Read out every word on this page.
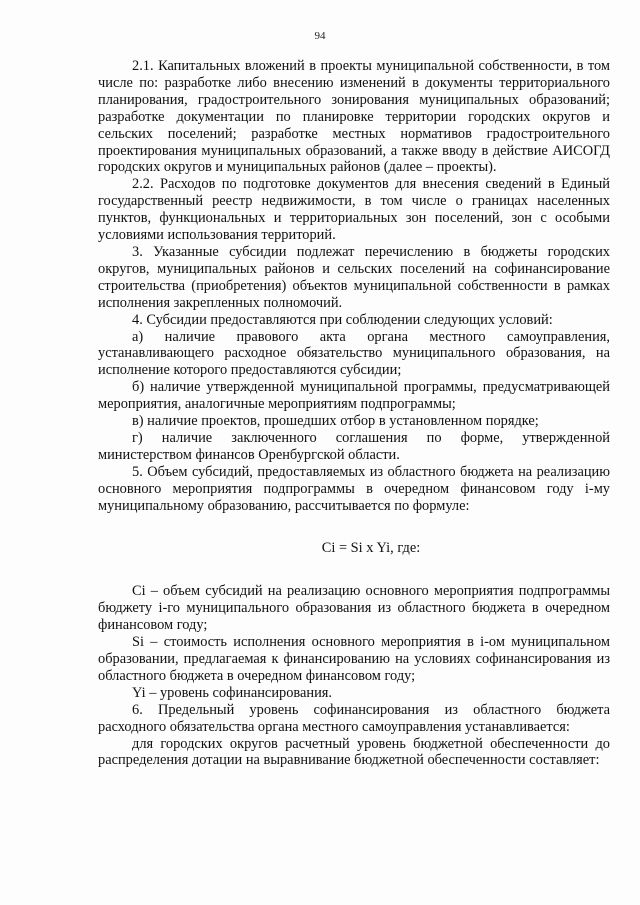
94

2.1. Капитальных вложений в проекты муниципальной собственности, в том числе по: разработке либо внесению изменений в документы территориального планирования, градостроительного зонирования муниципальных образований; разработке документации по планировке территории городских округов и сельских поселений; разработке местных нормативов градостроительного проектирования муниципальных образований, а также вводу в действие АИСОГД городских округов и муниципальных районов (далее – проекты).

2.2. Расходов по подготовке документов для внесения сведений в Единый государственный реестр недвижимости, в том числе о границах населенных пунктов, функциональных и территориальных зон поселений, зон с особыми условиями использования территорий.

3. Указанные субсидии подлежат перечислению в бюджеты городских округов, муниципальных районов и сельских поселений на софинансирование строительства (приобретения) объектов муниципальной собственности в рамках исполнения закрепленных полномочий.

4. Субсидии предоставляются при соблюдении следующих условий:

а) наличие правового акта органа местного самоуправления, устанавливающего расходное обязательство муниципального образования, на исполнение которого предоставляются субсидии;

б) наличие утвержденной муниципальной программы, предусматривающей мероприятия, аналогичные мероприятиям подпрограммы;

в) наличие проектов, прошедших отбор в установленном порядке;

г) наличие заключенного соглашения по форме, утвержденной министерством финансов Оренбургской области.

5. Объем субсидий, предоставляемых из областного бюджета на реализацию основного мероприятия подпрограммы в очередном финансовом году i-му муниципальному образованию, рассчитывается по формуле:

Ci = Si x Yi, где:

Ci – объем субсидий на реализацию основного мероприятия подпрограммы бюджету i-го муниципального образования из областного бюджета в очередном финансовом году;

Si – стоимость исполнения основного мероприятия в i-ом муниципальном образовании, предлагаемая к финансированию на условиях софинансирования из областного бюджета в очередном финансовом году;

Yi – уровень софинансирования.

6. Предельный уровень софинансирования из областного бюджета расходного обязательства органа местного самоуправления устанавливается:

для городских округов расчетный уровень бюджетной обеспеченности до распределения дотации на выравнивание бюджетной обеспеченности составляет:
